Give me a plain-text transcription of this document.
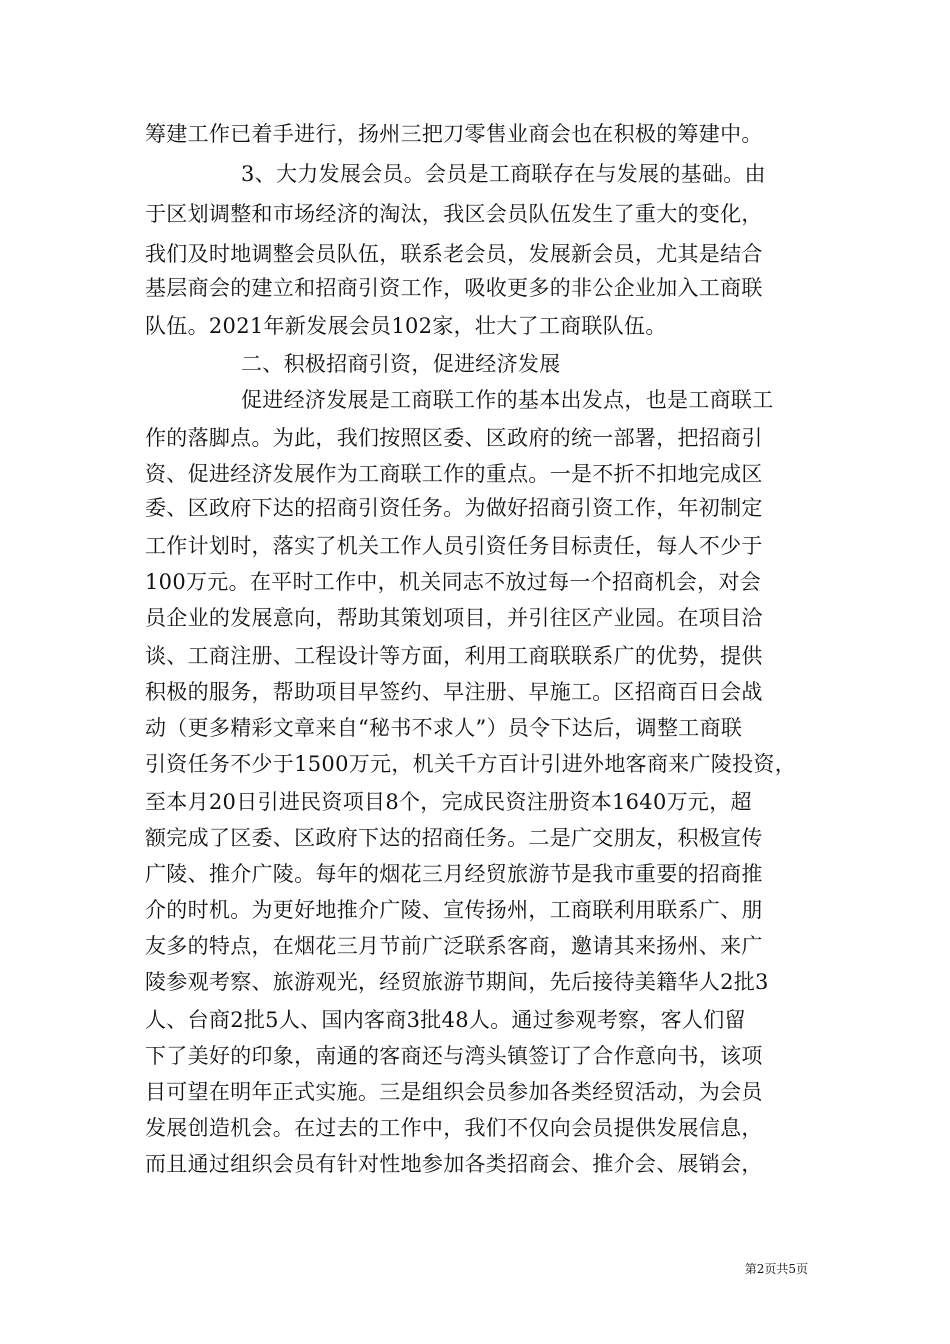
筹建工作已着手进行，扬州三把刀零售业商会也在积极的筹建中。
3、大力发展会员。会员是工商联存在与发展的基础。由
于区划调整和市场经济的淘汰，我区会员队伍发生了重大的变化，
我们及时地调整会员队伍，联系老会员，发展新会员，尤其是结合
基层商会的建立和招商引资工作，吸收更多的非公企业加入工商联
队伍。2021年新发展会员102家，壮大了工商联队伍。
二、积极招商引资，促进经济发展
促进经济发展是工商联工作的基本出发点，也是工商联工
作的落脚点。为此，我们按照区委、区政府的统一部署，把招商引
资、促进经济发展作为工商联工作的重点。一是不折不扣地完成区
委、区政府下达的招商引资任务。为做好招商引资工作，年初制定
工作计划时，落实了机关工作人员引资任务目标责任，每人不少于
100万元。在平时工作中，机关同志不放过每一个招商机会，对会
员企业的发展意向，帮助其策划项目，并引往区产业园。在项目洽
谈、工商注册、工程设计等方面，利用工商联联系广的优势，提供
积极的服务，帮助项目早签约、早注册、早施工。区招商百日会战
动（更多精彩文章来自“秘书不求人”）员令下达后，调整工商联
引资任务不少于1500万元，机关千方百计引进外地客商来广陵投资，
至本月20日引进民资项目8个，完成民资注册资本1640万元，超
额完成了区委、区政府下达的招商任务。二是广交朋友，积极宣传
广陵、推介广陵。每年的烟花三月经贸旅游节是我市重要的招商推
介的时机。为更好地推介广陵、宣传扬州，工商联利用联系广、朋
友多的特点，在烟花三月节前广泛联系客商，邀请其来扬州、来广
陵参观考察、旅游观光，经贸旅游节期间，先后接待美籍华人2批3
人、台商2批5人、国内客商3批48人。通过参观考察，客人们留
下了美好的印象，南通的客商还与湾头镇签订了合作意向书，该项
目可望在明年正式实施。三是组织会员参加各类经贸活动，为会员
发展创造机会。在过去的工作中，我们不仅向会员提供发展信息，
而且通过组织会员有针对性地参加各类招商会、推介会、展销会，
第2页共5页
